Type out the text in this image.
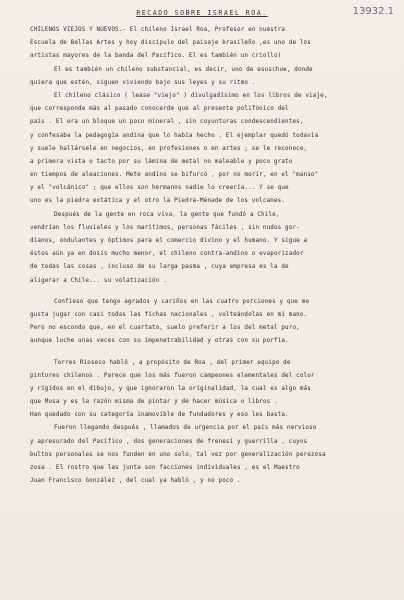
13932.1
RECADO SOBRE ISRAEL ROA.
CHILENOS VIEJOS Y NUEVOS.- El chileno Israel Roa, Profesor en nuestra
Escuela de Bellas Artes y hoy discípulo del paisaje brasileño ,es uno de los
artistas mayores de la banda del Pacífico. El es también un criollo)
El es también un chileno substancial, es decir, uno de esoschue, donde
quiera que estén, siguen viviendo bajo sus leyes y su ritmo .
El chileno clásico ( lease "viejo" ) divulgadísimo en los libros de viaje,
que corresponde más al pasado conocerde que al presente polifónico del
país . El era un bloque un poco mineral , sin coyunturas condescendientes,
y confesaba la pedagogía andina que lo había hecho . El ejemplar quedó todavía
y suele hallársele en negocios, en profesiones o en artes ; se le reconoce,
a primera vista o tacto por su lámina de metal no maleable y poco grato
en tiempos de aleaciones. Mete andino se bifurcó , por no morir, en el "manso"
y el "volcánico" ; que ellos son hermanos nadie lo creería... Y se que
uno es la piedra extática y el otro la Piedra-Ménade de los volcanes.
Después de la gente en roca viva, la gente que fundó a Chile,
vendrían los fluviales y los marítimos, personas fáciles , sin nudos gor-
dianos, ondulantes y óptimos para el comercio divino y el humano. Y sigue a
éstos aún ya en dosis mucho menor, el chileno contra-andino o evaporizador
de todas las cosas , incluso de su larga pasma , cuya empresa es la de
aligerar a Chile... su volatización .
Confieso que tengo agrados y cariños en las cuatro porciones y que me
gusta jugar con casi todas las fichas nacionales , volteándolas en mi mano.
Pero no escondo que, en el cuartato, suelo preferir a los del metal puro,
aunque luche unas veces con su impenetrabilidad y otras con su porfía.
Torres Rioseco habló , a propósito de Roa , del primer equipo de
pintores chilenos . Parece que los más fueron campeones elementales del color
y rígidos en el dibujo, y que ignoraron la originalidad, la cual es algo más
que Musa y es la razón misma de pintar y de hacer música o libros .
Han quedado con su categoría inamovible de fundadores y eso les basta.
Fueron llegando después , llamados de urgencia por el país más nervioso
y apresurado del Pacífico , dos generaciones de frenesí y guerrilla , cuyos
bultos personales se nos funden en uno solo, tal vez por generalización perezosa
zosa . El rostro que las junta son facciones individuales , es el Maestro
Juan Francisco González , del cual ya habló , y no poco .
